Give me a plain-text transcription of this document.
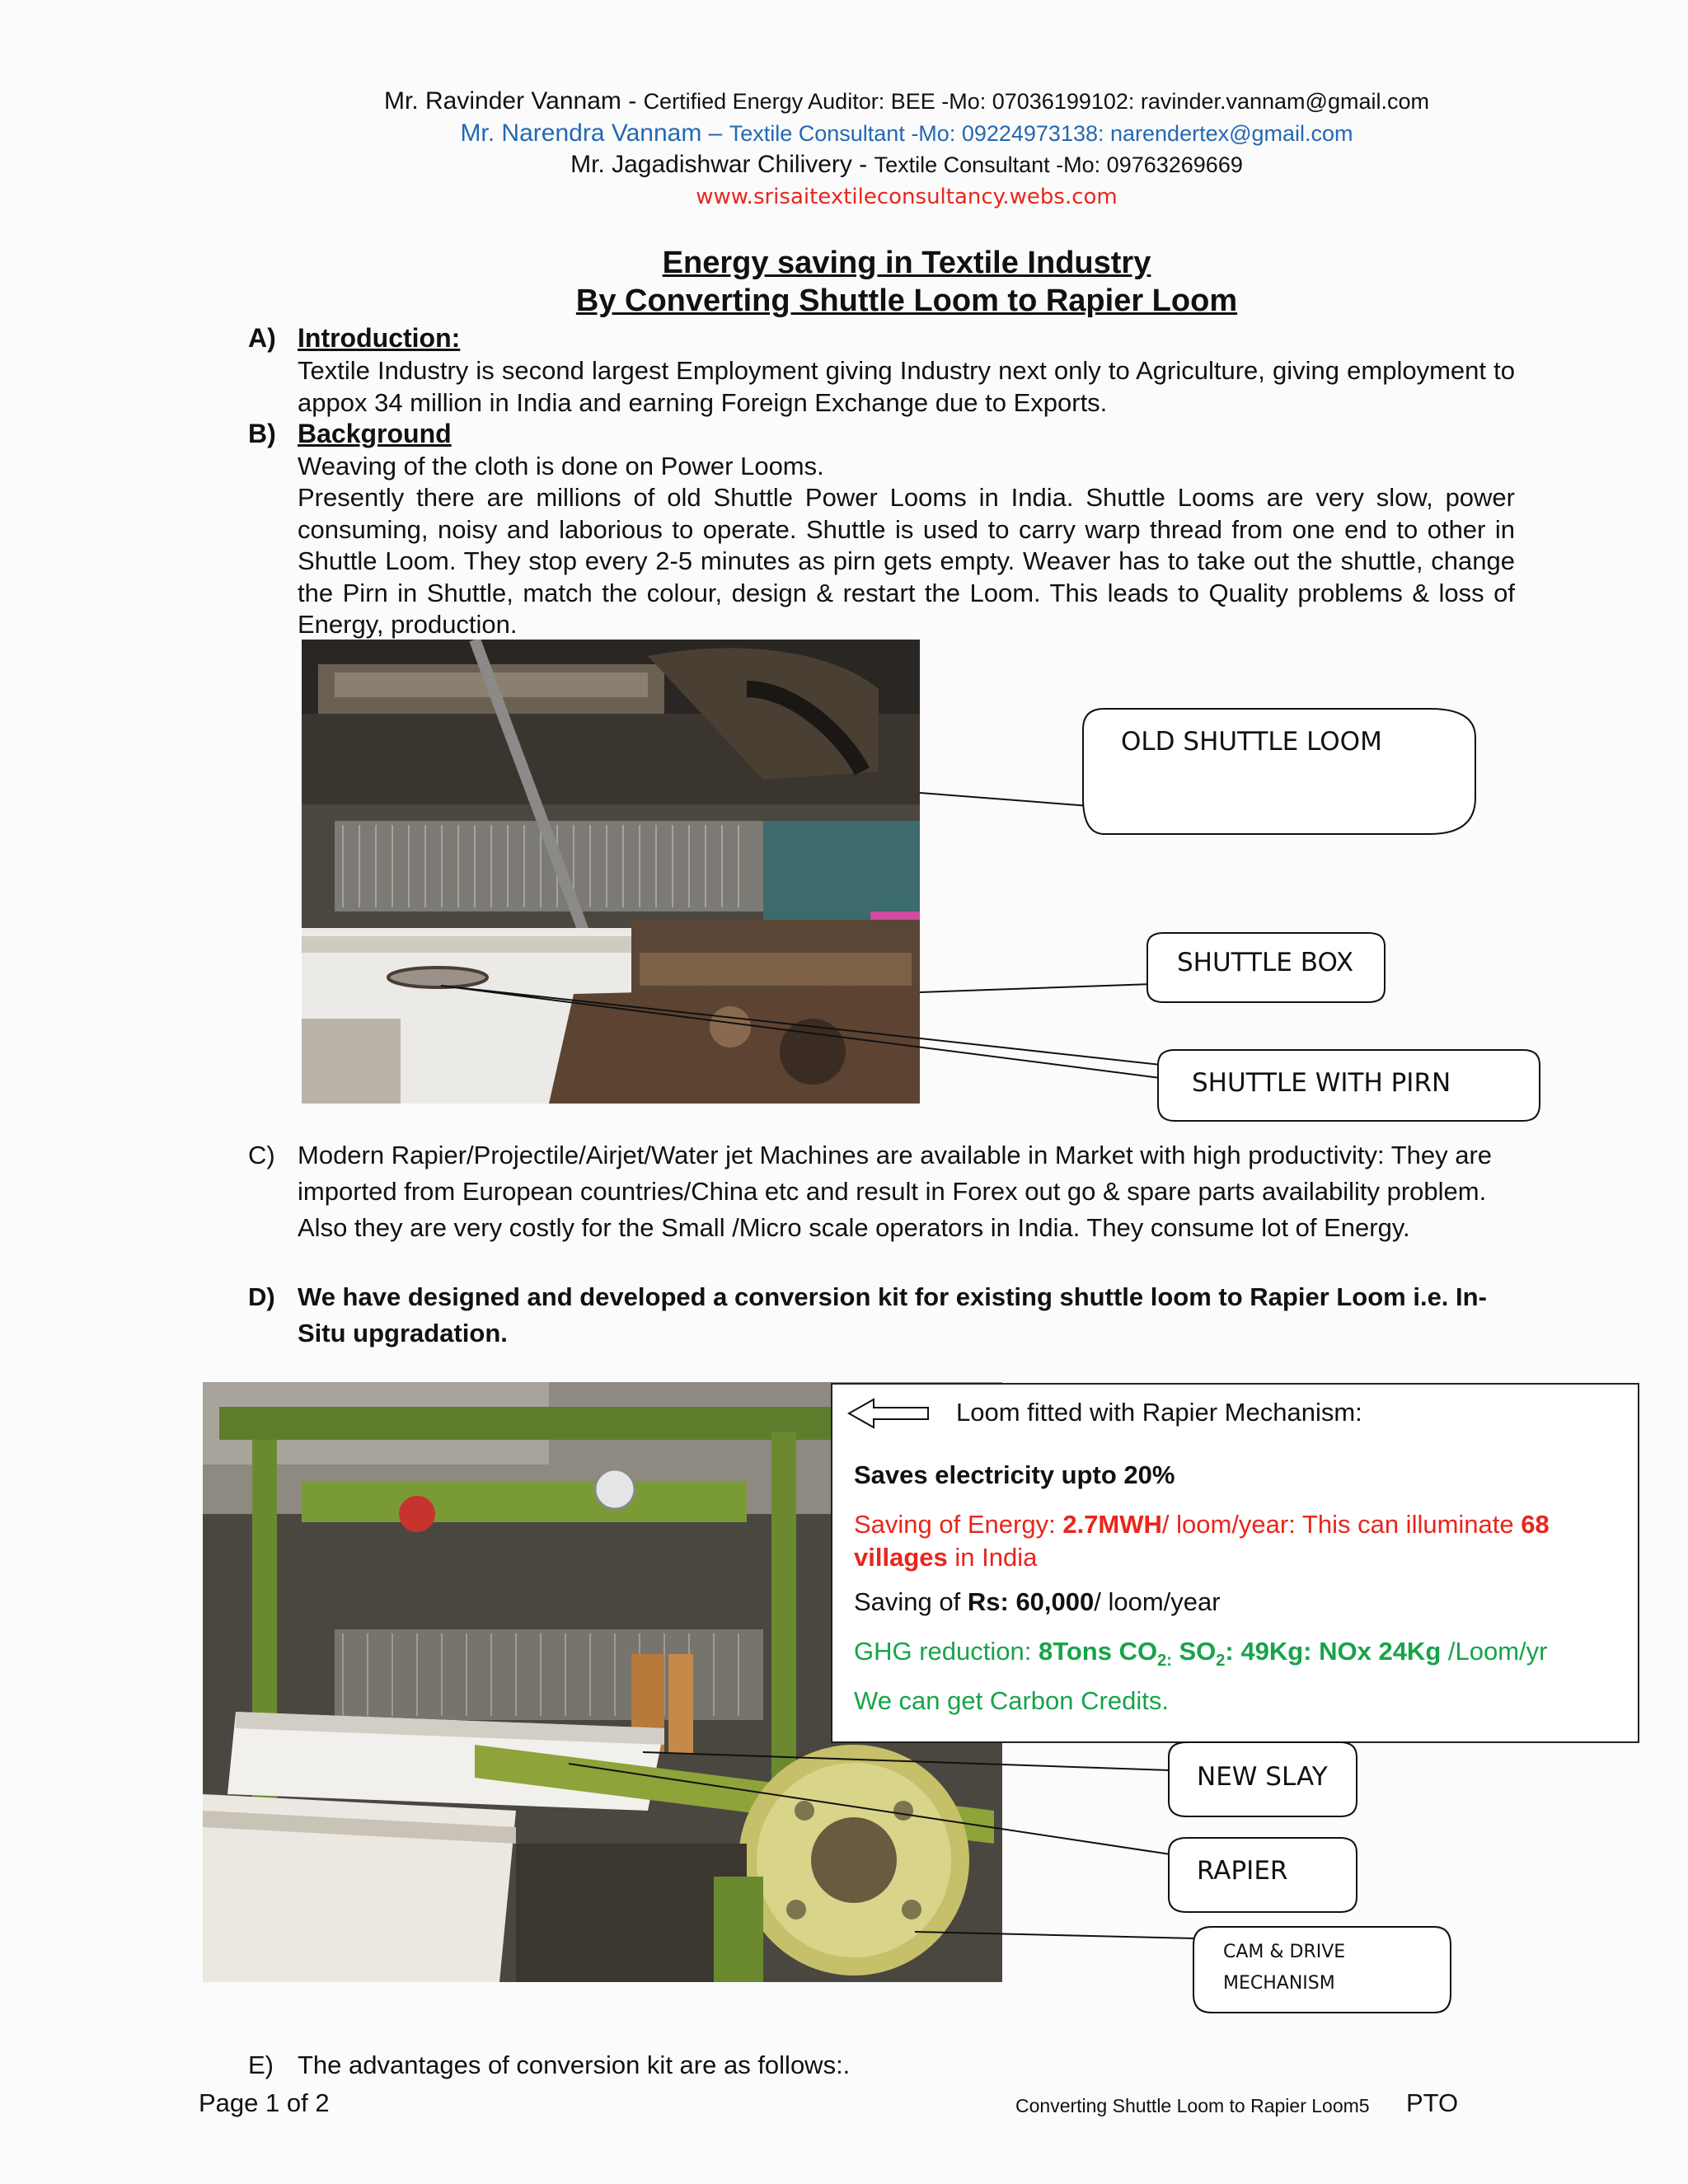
Mr. Ravinder Vannam - Certified Energy Auditor: BEE -Mo: 07036199102: ravinder.vannam@gmail.com
Mr. Narendra Vannam – Textile Consultant -Mo: 09224973138: narendertex@gmail.com
Mr. Jagadishwar Chilivery - Textile Consultant -Mo: 09763269669
www.srisaitextileconsultancy.webs.com
Energy saving in Textile Industry
By Converting Shuttle Loom to Rapier Loom
A) Introduction:
Textile Industry is second largest Employment giving Industry next only to Agriculture, giving employment to appox 34 million in India and earning Foreign Exchange due to Exports.
B) Background
Weaving of the cloth is done on Power Looms.
Presently there are millions of old Shuttle Power Looms in India. Shuttle Looms are very slow, power consuming, noisy and laborious to operate. Shuttle is used to carry warp thread from one end to other in Shuttle Loom. They stop every 2-5 minutes as pirn gets empty. Weaver has to take out the shuttle, change the Pirn in Shuttle, match the colour, design & restart the Loom. This leads to Quality problems & loss of Energy, production.
OLD SHUTTLE LOOM
SHUTTLE BOX
SHUTTLE WITH PIRN
C) Modern Rapier/Projectile/Airjet/Water jet Machines are available in Market with high productivity: They are imported from European countries/China etc and result in Forex out go & spare parts availability problem. Also they are very costly for the Small /Micro scale operators in India. They consume lot of Energy.
D) We have designed and developed a conversion kit for existing shuttle loom to Rapier Loom i.e. In-Situ upgradation.
Loom fitted with Rapier Mechanism:
Saves electricity upto 20%
Saving of Energy: 2.7MWH/ loom/year: This can illuminate 68 villages in India
Saving of Rs: 60,000/ loom/year
GHG reduction: 8Tons $CO_{2:}$ $SO_2$: 49Kg: NOx 24Kg /Loom/yr
We can get Carbon Credits.
NEW SLAY
RAPIER
CAM & DRIVE
MECHANISM
E) The advantages of conversion kit are as follows:.
Page 1 of 2	Converting Shuttle Loom to Rapier Loom5 PTO
